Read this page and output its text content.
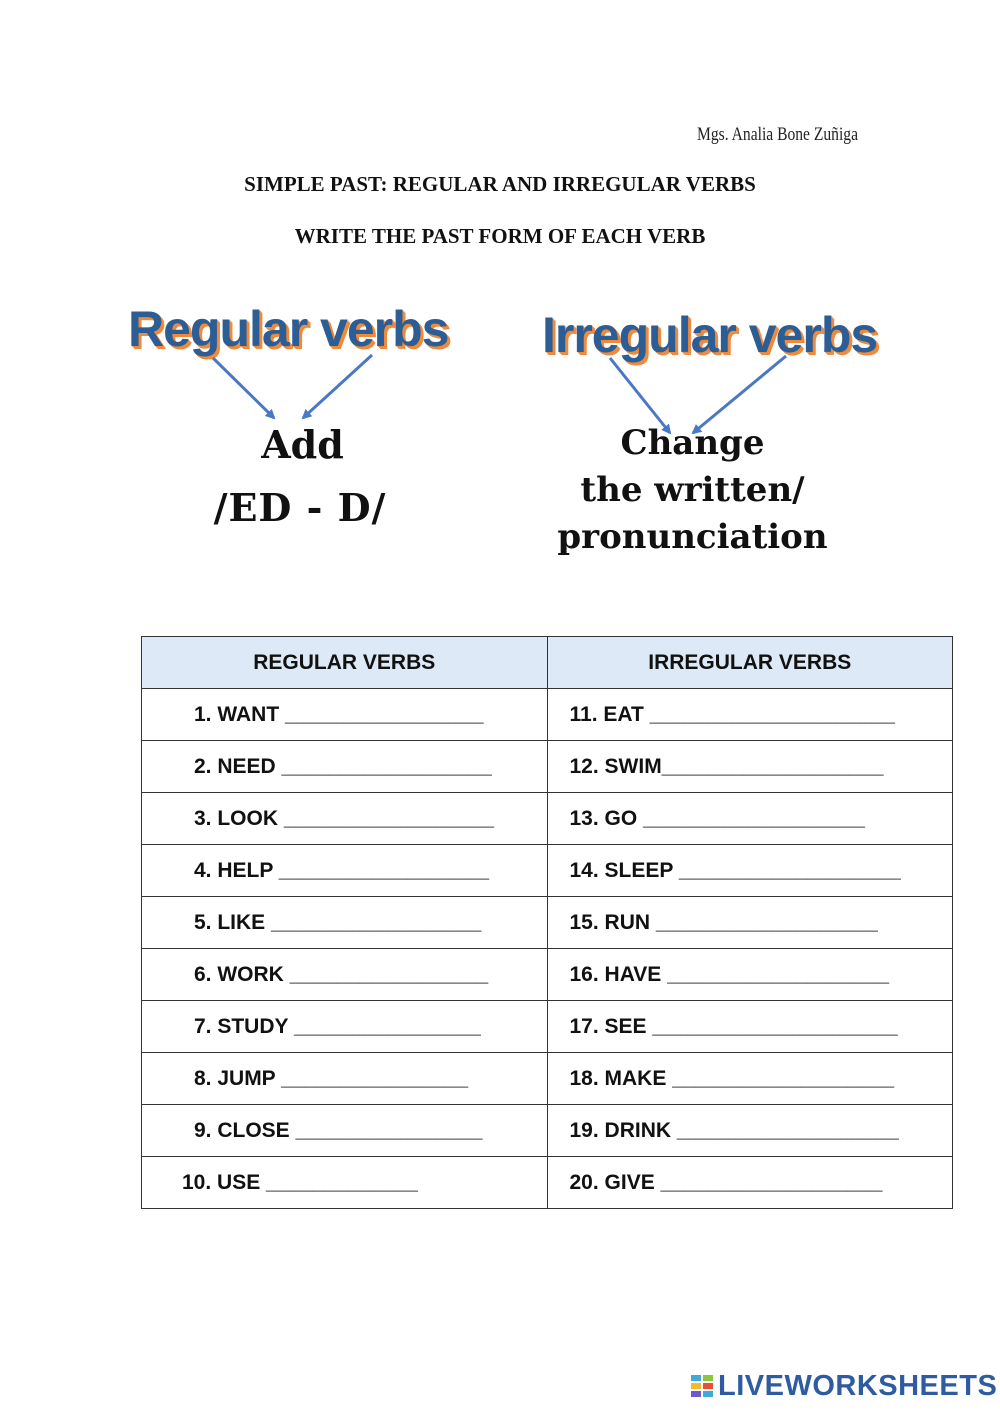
Mgs. Analia Bone Zuñiga
SIMPLE PAST: REGULAR AND IRREGULAR VERBS
WRITE THE PAST FORM OF EACH VERB
Regular verbs Irregular verbs
Add
/ED - D/
Change
the written/
pronunciation
REGULAR VERBS	IRREGULAR VERBS
1. WANT _________________	11. EAT _____________________
2. NEED __________________	12. SWIM___________________
3. LOOK __________________	13. GO ___________________
4. HELP __________________	14. SLEEP ___________________
5. LIKE __________________	15. RUN ___________________
6. WORK _________________	16. HAVE ___________________
7. STUDY ________________	17. SEE _____________________
8. JUMP ________________	18. MAKE ___________________
9. CLOSE ________________	19. DRINK ___________________
10. USE _____________	20. GIVE ___________________
LIVEWORKSHEETS
